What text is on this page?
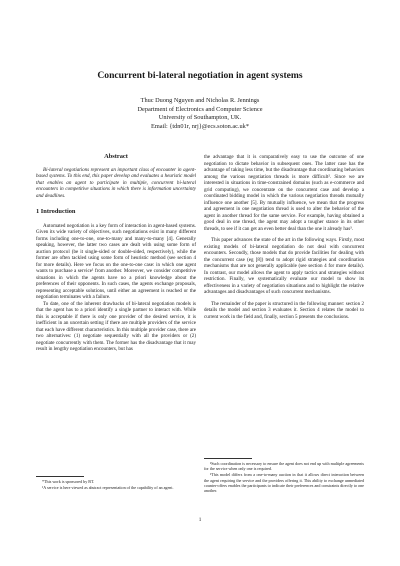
Concurrent bi-lateral negotiation in agent systems
Thuc Duong Nguyen and Nicholas R. Jennings
Department of Electronics and Computer Science
University of Southampton, UK.
Email: {tdn01r, nrj}@ecs.soton.ac.uk*
Abstract

Bi-lateral negotiations represent an important class of encounter in agent-based systems. To this end, this paper develop and evaluates a heuristic model that enables an agent to participate in multiple, concurrent bi-lateral encounters in competitive situations in which there is information uncertainty and deadlines.

1 Introduction

Automated negotiation is a key form of interaction in agent-based systems. Given its wide variety of objectives, such negotiations exist in many different forms including one-to-one, one-to-many and many-to-many [4]. Generally speaking, however, the latter two cases are dealt with using some form of auction protocol (be it single-sided or double-sided, respectively), while the former are often tackled using some form of heuristic method (see section 4 for more details). Here we focus on the one-to-one case: in which one agent wants to purchase a service¹ from another. Moreover, we consider competitive situations in which the agents have no a priori knowledge about the preferences of their opponents. In such cases, the agents exchange proposals, representing acceptable solutions, until either an agreement is reached or the negotiation terminates with a failure.

To date, one of the inherent drawbacks of bi-lateral negotiation models is that the agent has to a priori identify a single partner to interact with. While this is acceptable if there is only one provider of the desired service, it is inefficient in an uncertain setting if there are multiple providers of the service that each have different characteristics. In this multiple provider case, there are two alternatives: (1) negotiate sequentially with all the providers or (2) negotiate concurrently with them. The former has the disadvantage that it may result in lengthy negotiation encounters, but has

*This work is sponsored by BT.

¹A service is here viewed as abstract representation of the capability of an agent.

the advantage that it is comparatively easy to use the outcome of one negotiation to dictate behavior in subsequent ones. The latter case has the advantage of taking less time, but the disadvantage that coordinating behaviors among the various negotiation threads is more difficult². Since we are interested in situations in time-constrained domains (such as e-commerce and grid computing), we concentrate on the concurrent case and develop a coordinated bidding model in which the various negotiation threads mutually influence one another [5]. By mutually influence, we mean that the progress and agreement in one negotiation thread is used to alter the behavior of the agent in another thread for the same service. For example, having obtained a good deal in one thread, the agent may adopt a tougher stance in its other threads, to see if it can get an even better deal than the one it already has³.

This paper advances the state of the art in the following ways. Firstly, most existing models of bi-lateral negotiation do not deal with concurrent encounters. Secondly, those models that do provide facilities for dealing with the concurrent case (eg [8]) tend to adopt rigid strategies and coordination mechanisms that are not generally applicable (see section 4 for more details). In contrast, our model allows the agent to apply tactics and strategies without restriction. Finally, we systematically evaluate our model to show its effectiveness in a variety of negotiation situations and to highlight the relative advantages and disadvantages of such concurrent mechanisms.

The remainder of the paper is structured in the following manner: section 2 details the model and section 3 evaluates it. Section 4 relates the model to current work in the field and, finally, section 5 presents the conclusions.

²Such coordination is necessary to ensure the agent does not end up with multiple agreements for the service when only one is required.

³This model differs from a one-to-many auction in that it allows direct interaction between the agent requiring the service and the providers offering it. This ability to exchange unmediated counter-offers enables the participants to indicate their preferences and constraints directly to one another.

1
